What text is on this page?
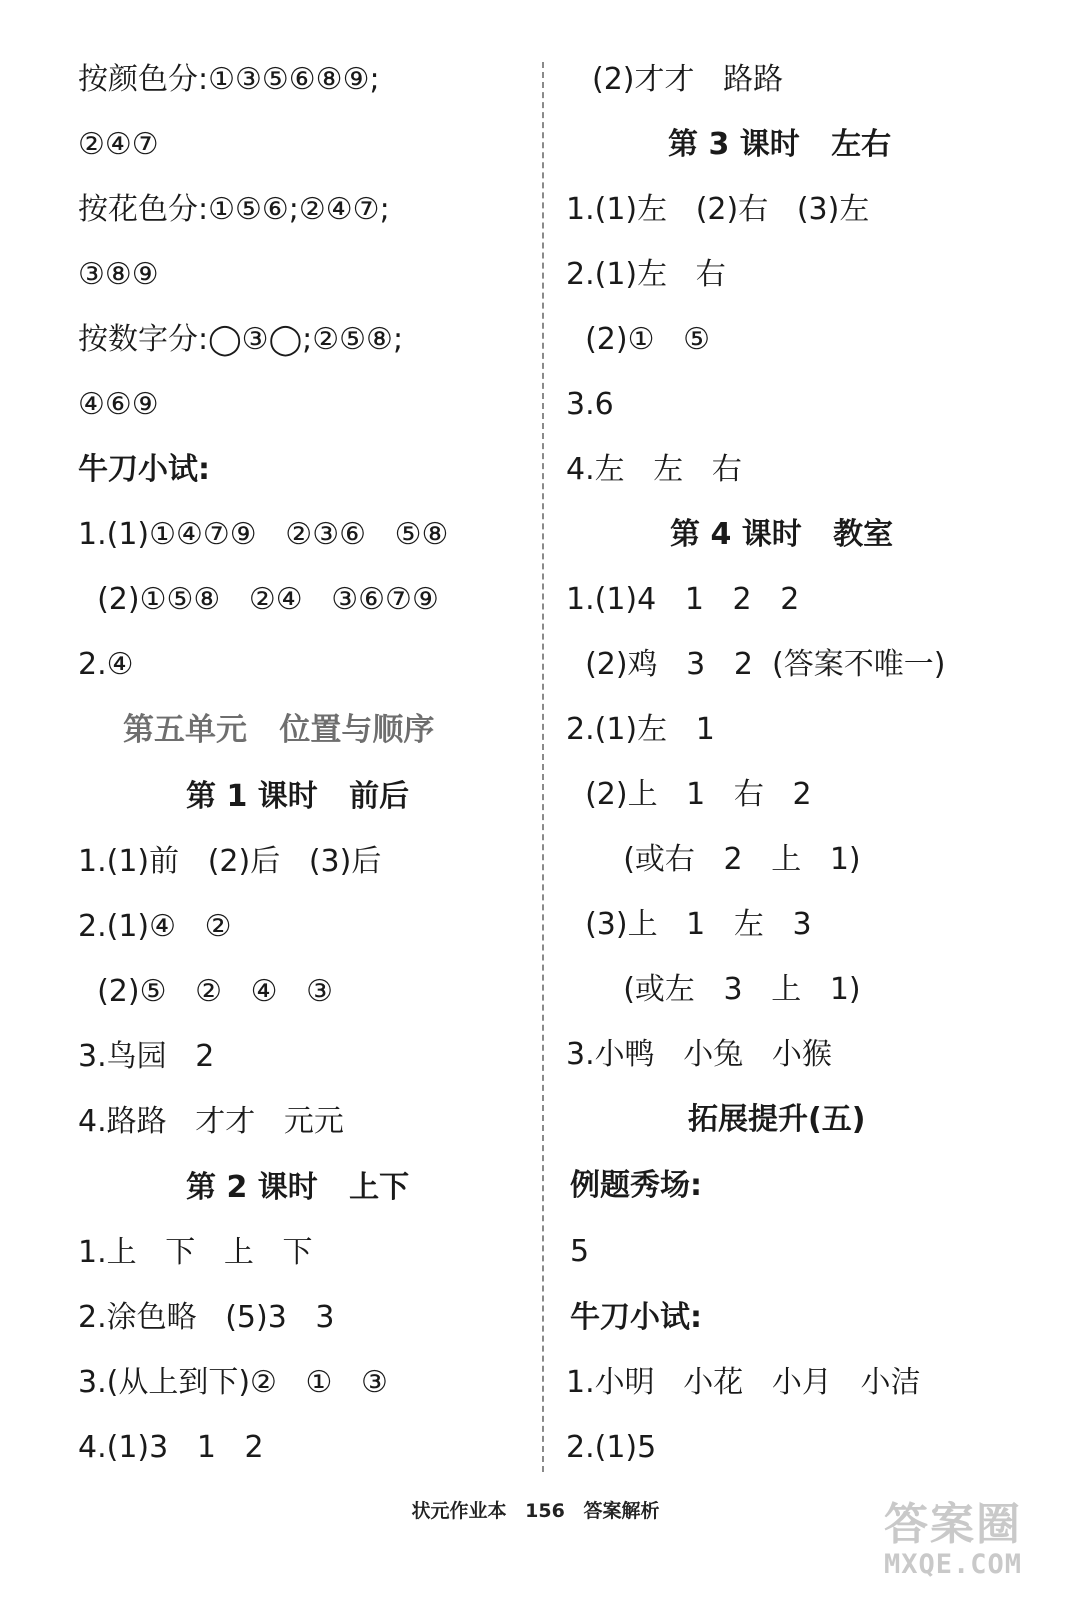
按颜色分:①③⑤⑥⑧⑨;
②④⑦
按花色分:①⑤⑥;②④⑦;
③⑧⑨
按数字分:◯③◯;②⑤⑧;
④⑥⑨
牛刀小试:
1.(1)①④⑦⑨   ②③⑥   ⑤⑧
(2)①⑤⑧   ②④   ③⑥⑦⑨
2.④
第五单元   位置与顺序
第 1 课时   前后
1.(1)前   (2)后   (3)后
2.(1)④   ②
(2)⑤   ②   ④   ③
3.鸟园   2
4.路路   才才   元元
第 2 课时   上下
1.上   下   上   下
2.涂色略   (5)3   3
3.(从上到下)②   ①   ③
4.(1)3   1   2
(2)才才   路路
第 3 课时   左右
1.(1)左   (2)右   (3)左
2.(1)左   右
(2)①   ⑤
3.6
4.左   左   右
第 4 课时   教室
1.(1)4   1   2   2
(2)鸡   3   2  (答案不唯一)
2.(1)左   1
(2)上   1   右   2
(或右   2   上   1)
(3)上   1   左   3
(或左   3   上   1)
3.小鸭   小兔   小猴
拓展提升(五)
例题秀场:
5
牛刀小试:
1.小明   小花   小月   小洁
2.(1)5
状元作业本 156 答案解析	答案圈
MXQE.COM
